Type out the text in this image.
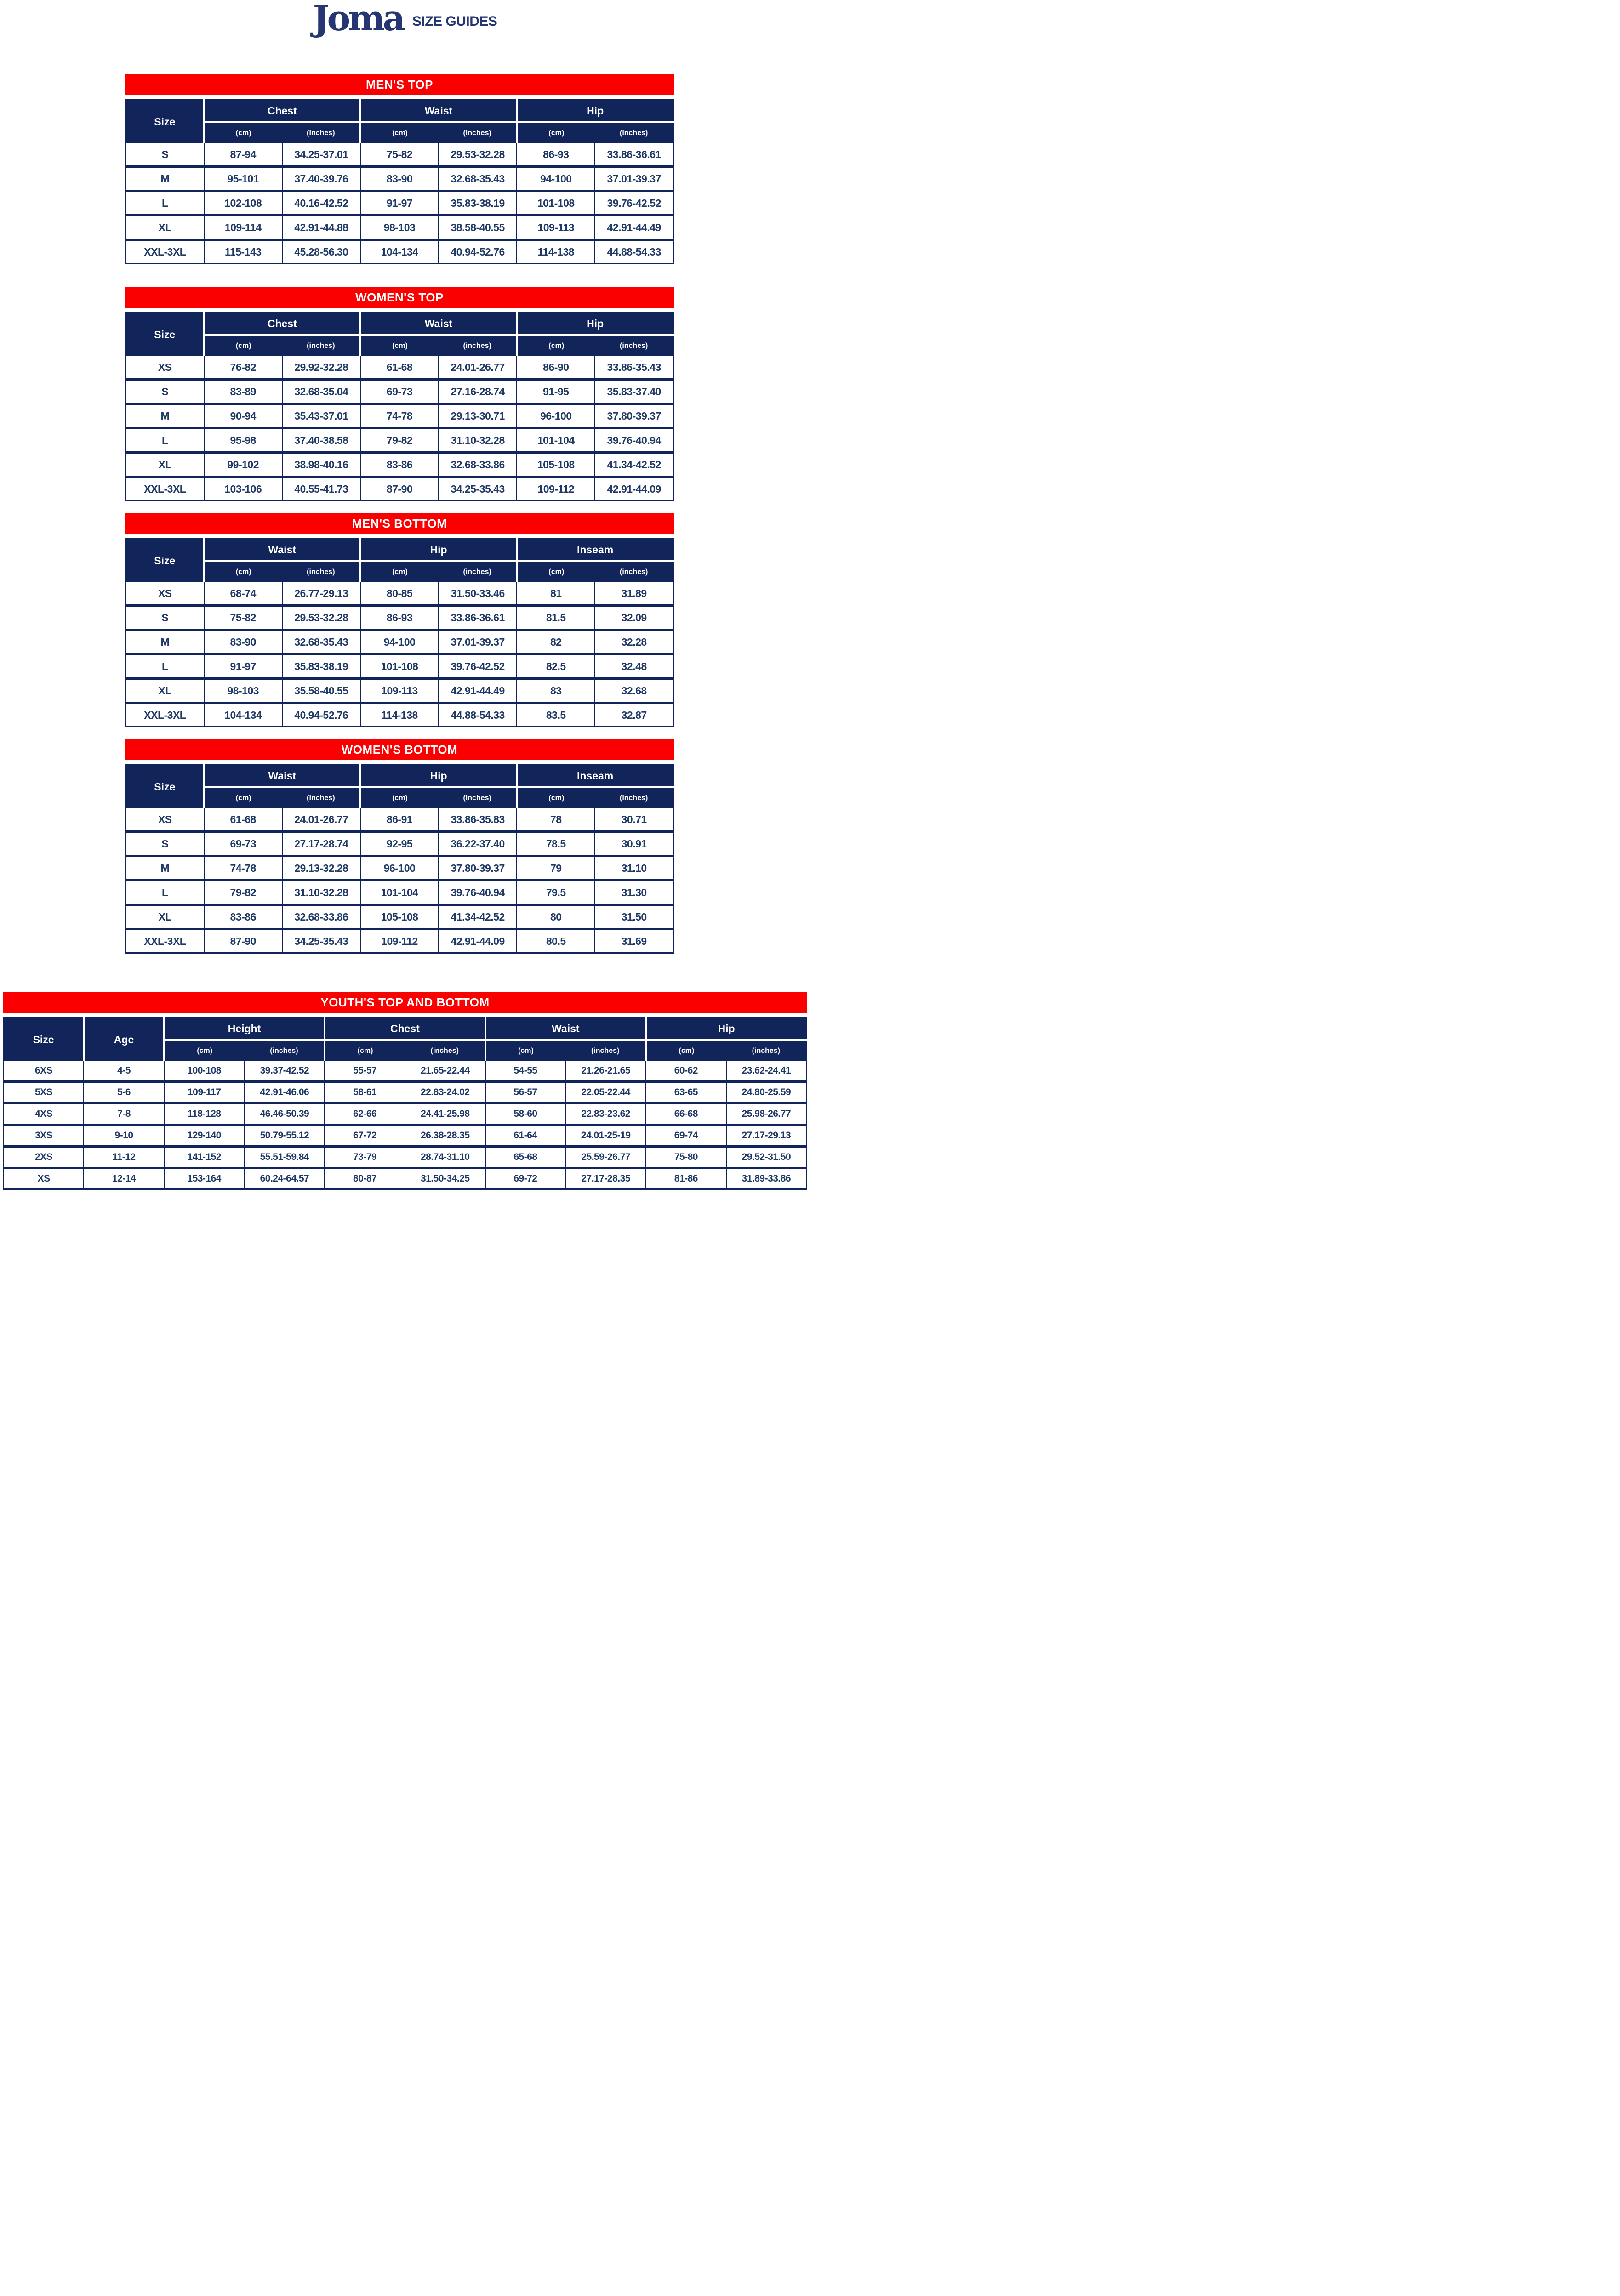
Joma SIZE GUIDES
MEN'S TOP
Size	Chest		Waist		Hip	
	(cm)	(inches)	(cm)	(inches)	(cm)	(inches)
S	87-94	34.25-37.01	75-82	29.53-32.28	86-93	33.86-36.61
M	95-101	37.40-39.76	83-90	32.68-35.43	94-100	37.01-39.37
L	102-108	40.16-42.52	91-97	35.83-38.19	101-108	39.76-42.52
XL	109-114	42.91-44.88	98-103	38.58-40.55	109-113	42.91-44.49
XXL-3XL	115-143	45.28-56.30	104-134	40.94-52.76	114-138	44.88-54.33
WOMEN'S TOP
Size	Chest		Waist		Hip	
	(cm)	(inches)	(cm)	(inches)	(cm)	(inches)
XS	76-82	29.92-32.28	61-68	24.01-26.77	86-90	33.86-35.43
S	83-89	32.68-35.04	69-73	27.16-28.74	91-95	35.83-37.40
M	90-94	35.43-37.01	74-78	29.13-30.71	96-100	37.80-39.37
L	95-98	37.40-38.58	79-82	31.10-32.28	101-104	39.76-40.94
XL	99-102	38.98-40.16	83-86	32.68-33.86	105-108	41.34-42.52
XXL-3XL	103-106	40.55-41.73	87-90	34.25-35.43	109-112	42.91-44.09
MEN'S BOTTOM
Size	Waist		Hip		Inseam	
	(cm)	(inches)	(cm)	(inches)	(cm)	(inches)
XS	68-74	26.77-29.13	80-85	31.50-33.46	81	31.89
S	75-82	29.53-32.28	86-93	33.86-36.61	81.5	32.09
M	83-90	32.68-35.43	94-100	37.01-39.37	82	32.28
L	91-97	35.83-38.19	101-108	39.76-42.52	82.5	32.48
XL	98-103	35.58-40.55	109-113	42.91-44.49	83	32.68
XXL-3XL	104-134	40.94-52.76	114-138	44.88-54.33	83.5	32.87
WOMEN'S BOTTOM
Size	Waist		Hip		Inseam	
	(cm)	(inches)	(cm)	(inches)	(cm)	(inches)
XS	61-68	24.01-26.77	86-91	33.86-35.83	78	30.71
S	69-73	27.17-28.74	92-95	36.22-37.40	78.5	30.91
M	74-78	29.13-32.28	96-100	37.80-39.37	79	31.10
L	79-82	31.10-32.28	101-104	39.76-40.94	79.5	31.30
XL	83-86	32.68-33.86	105-108	41.34-42.52	80	31.50
XXL-3XL	87-90	34.25-35.43	109-112	42.91-44.09	80.5	31.69
YOUTH'S TOP AND BOTTOM
Size	Age	Height		Chest		Waist		Hip	
		(cm)	(inches)	(cm)	(inches)	(cm)	(inches)	(cm)	(inches)
6XS	4-5	100-108	39.37-42.52	55-57	21.65-22.44	54-55	21.26-21.65	60-62	23.62-24.41
5XS	5-6	109-117	42.91-46.06	58-61	22.83-24.02	56-57	22.05-22.44	63-65	24.80-25.59
4XS	7-8	118-128	46.46-50.39	62-66	24.41-25.98	58-60	22.83-23.62	66-68	25.98-26.77
3XS	9-10	129-140	50.79-55.12	67-72	26.38-28.35	61-64	24.01-25-19	69-74	27.17-29.13
2XS	11-12	141-152	55.51-59.84	73-79	28.74-31.10	65-68	25.59-26.77	75-80	29.52-31.50
XS	12-14	153-164	60.24-64.57	80-87	31.50-34.25	69-72	27.17-28.35	81-86	31.89-33.86
